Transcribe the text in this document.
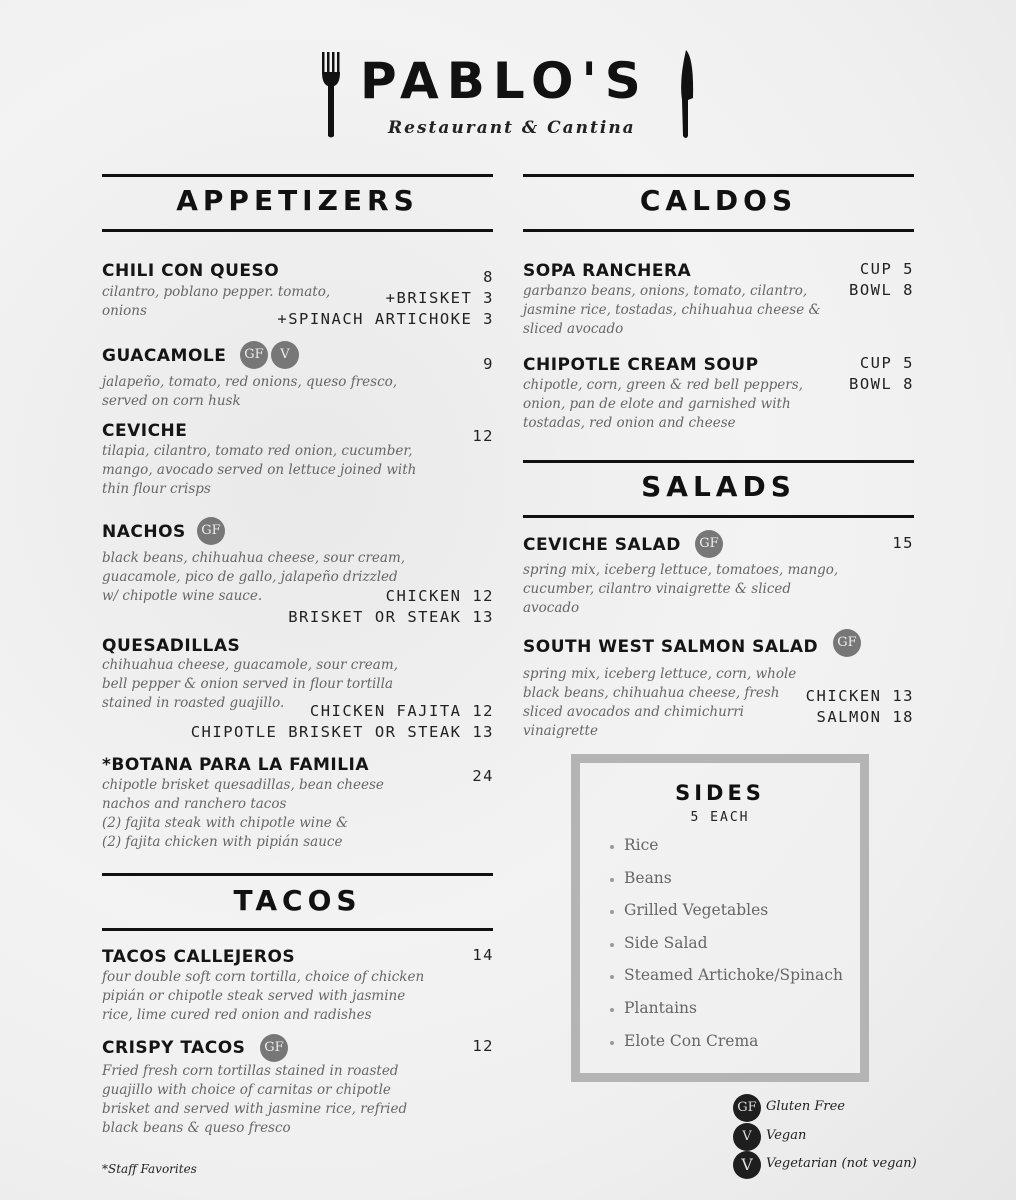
PABLO'S
Restaurant & Cantina
APPETIZERS
CHILI CON QUESO
cilantro, poblano pepper. tomato, onions
8
+BRISKET 3
+SPINACH ARTICHOKE 3
GUACAMOLE	GF	V
jalapeño, tomato, red onions, queso fresco, served on corn husk
9
CEVICHE
tilapia, cilantro, tomato red onion, cucumber, mango, avocado served on lettuce joined with thin flour crisps
12
NACHOS	GF
black beans, chihuahua cheese, sour cream, guacamole, pico de gallo, jalapeño drizzled w/ chipotle wine sauce.	CHICKEN 12
BRISKET OR STEAK 13
QUESADILLAS
chihuahua cheese, guacamole, sour cream, bell pepper & onion served in flour tortilla stained in roasted guajillo.	CHICKEN FAJITA 12
CHIPOTLE BRISKET OR STEAK 13
*BOTANA PARA LA FAMILIA
chipotle brisket quesadillas, bean cheese nachos and ranchero tacos
(2) fajita steak with chipotle wine &
(2) fajita chicken with pipián sauce
24
TACOS
TACOS CALLEJEROS
four double soft corn tortilla, choice of chicken pipián or chipotle steak served with jasmine rice, lime cured red onion and radishes
14
CRISPY TACOS	GF
Fried fresh corn tortillas stained in roasted guajillo with choice of carnitas or chipotle brisket and served with jasmine rice, refried black beans & queso fresco
12
CALDOS
SOPA RANCHERA
garbanzo beans, onions, tomato, cilantro, jasmine rice, tostadas, chihuahua cheese & sliced avocado
CUP 5
BOWL 8
CHIPOTLE CREAM SOUP
chipotle, corn, green & red bell peppers, onion, pan de elote and garnished with tostadas, red onion and cheese
CUP 5
BOWL 8
SALADS
CEVICHE SALAD	GF
spring mix, iceberg lettuce, tomatoes, mango, cucumber, cilantro vinaigrette & sliced avocado
15
SOUTH WEST SALMON SALAD	GF
spring mix, iceberg lettuce, corn, whole black beans, chihuahua cheese, fresh sliced avocados and chimichurri vinaigrette
CHICKEN 13
SALMON 18
SIDES
5 EACH
• Rice
• Beans
• Grilled Vegetables
• Side Salad
• Steamed Artichoke/Spinach
• Plantains
• Elote Con Crema
GF Gluten Free
V	Vegan
V	Vegetarian (not vegan)
*Staff Favorites
